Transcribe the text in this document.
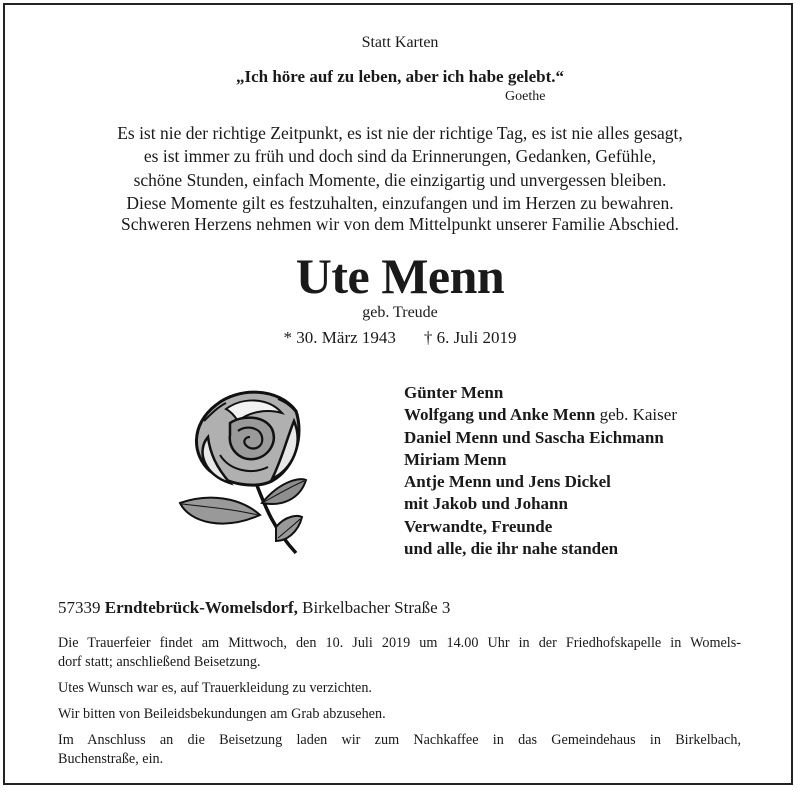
Statt Karten
„Ich höre auf zu leben, aber ich habe gelebt.“
Goethe
Es ist nie der richtige Zeitpunkt, es ist nie der richtige Tag, es ist nie alles gesagt,
es ist immer zu früh und doch sind da Erinnerungen, Gedanken, Gefühle,
schöne Stunden, einfach Momente, die einzigartig und unvergessen bleiben.
Diese Momente gilt es festzuhalten, einzufangen und im Herzen zu bewahren.
Schweren Herzens nehmen wir von dem Mittelpunkt unserer Familie Abschied.
Ute Menn
geb. Treude
* 30. März 1943 † 6. Juli 2019
Günter Menn
Wolfgang und Anke Menn geb. Kaiser
Daniel Menn und Sascha Eichmann
Miriam Menn
Antje Menn und Jens Dickel
mit Jakob und Johann
Verwandte, Freunde
und alle, die ihr nahe standen
57339 Erndtebrück-Womelsdorf, Birkelbacher Straße 3

Die Trauerfeier findet am Mittwoch, den 10. Juli 2019 um 14.00 Uhr in der Friedhofskapelle in Womels-
dorf statt; anschließend Beisetzung.

Utes Wunsch war es, auf Trauerkleidung zu verzichten.

Wir bitten von Beileidsbekundungen am Grab abzusehen.

Im Anschluss an die Beisetzung laden wir zum Nachkaffee in das Gemeindehaus in Birkelbach,
Buchenstraße, ein.
